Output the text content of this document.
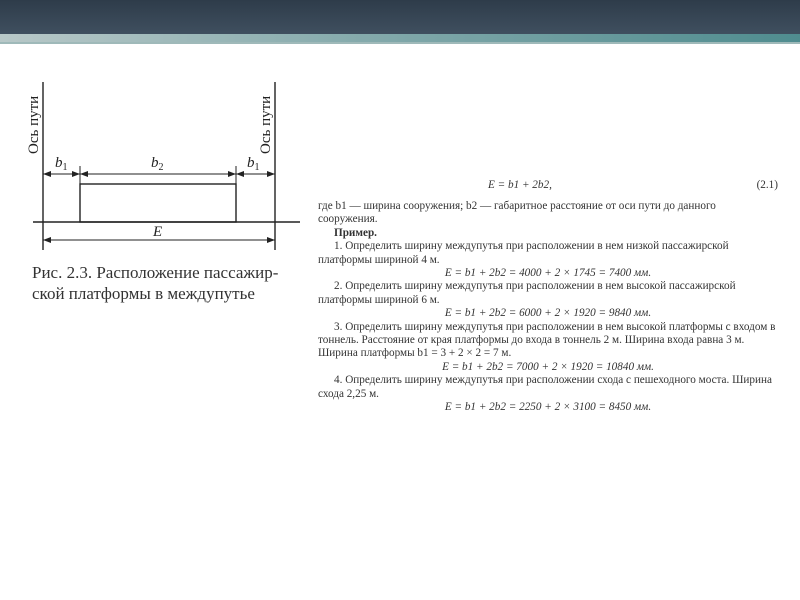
Ось пути	Ось пути
$b_1$	$b_2$	$b_1$
E
Рис. 2.3. Расположение пассажир-ской платформы в междупутье
E = b1 + 2b2,	(2.1)

где b1 — ширина сооружения; b2 — габаритное расстояние от оси пути до данного сооружения.

Пример.

1. Определить ширину междупутья при расположении в нем низкой пассажирской платформы шириной 4 м.

E = b1 + 2b2 = 4000 + 2 × 1745 = 7400 мм.

2. Определить ширину междупутья при расположении в нем высокой пассажирской платформы шириной 6 м.

E = b1 + 2b2 = 6000 + 2 × 1920 = 9840 мм.

3. Определить ширину междупутья при расположении в нем высокой платформы с входом в тоннель. Расстояние от края платформы до входа в тоннель 2 м. Ширина входа равна 3 м. Ширина платформы b1 = 3 + 2 × 2 = 7 м.

E = b1 + 2b2 = 7000 + 2 × 1920 = 10840 мм.

4. Определить ширину междупутья при расположении схода с пешеходного моста. Ширина схода 2,25 м.

E = b1 + 2b2 = 2250 + 2 × 3100 = 8450 мм.
